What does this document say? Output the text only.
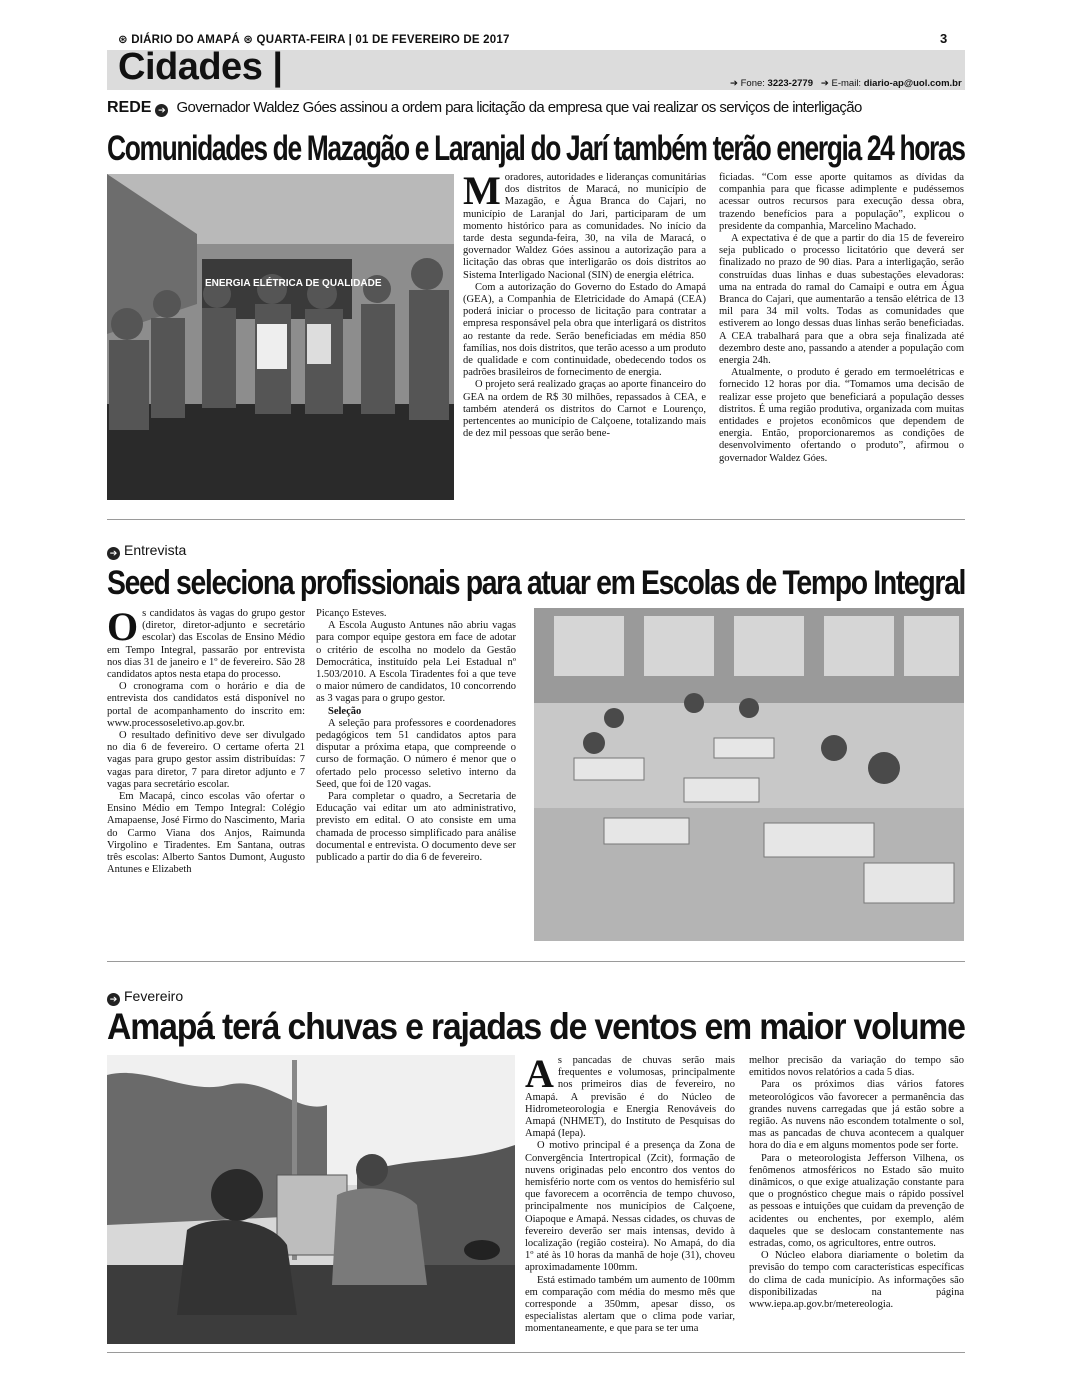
⊛ DIÁRIO DO AMAPÁ ⊛ QUARTA-FEIRA | 01 DE FEVEREIRO DE 2017	3
Cidades |	➔ Fone: 3223-2779 ➔ E-mail: diario-ap@uol.com.br
REDE ➔ Governador Waldez Góes assinou a ordem para licitação da empresa que vai realizar os serviços de interligação
Comunidades de Mazagão e Laranjal do Jarí também terão energia 24 horas
ENERGIA ELÉTRICA DE QUALIDADE
M oradores, autoridades e lideranças comunitárias dos distritos de Maracá, no município de Mazagão, e Água Branca do Cajari, no município de Laranjal do Jari, participaram de um momento histórico para as comunidades. No início da tarde desta segunda-feira, 30, na vila de Maracá, o governador Waldez Góes assinou a autorização para a licitação das obras que interligarão os dois distritos ao Sistema Interligado Nacional (SIN) de energia elétrica.

Com a autorização do Governo do Estado do Amapá (GEA), a Companhia de Eletricidade do Amapá (CEA) poderá iniciar o processo de licitação para contratar a empresa responsável pela obra que interligará os distritos ao restante da rede. Serão beneficiadas em média 850 famílias, nos dois distritos, que terão acesso a um produto de qualidade e com continuidade, obedecendo todos os padrões brasileiros de fornecimento de energia.

O projeto será realizado graças ao aporte financeiro do GEA na ordem de R$ 30 milhões, repassados à CEA, e também atenderá os distritos do Carnot e Lourenço, pertencentes ao município de Calçoene, totalizando mais de dez mil pessoas que serão bene-

ficiadas. “Com esse aporte quitamos as dívidas da companhia para que ficasse adimplente e pudéssemos acessar outros recursos para execução dessa obra, trazendo benefícios para a população”, explicou o presidente da companhia, Marcelino Machado.

A expectativa é de que a partir do dia 15 de fevereiro seja publicado o processo licitatório que deverá ser finalizado no prazo de 90 dias. Para a interligação, serão construídas duas linhas e duas subestações elevadoras: uma na entrada do ramal do Camaipi e outra em Água Branca do Cajari, que aumentarão a tensão elétrica de 13 mil para 34 mil volts. Todas as comunidades que estiverem ao longo dessas duas linhas serão beneficiadas. A CEA trabalhará para que a obra seja finalizada até dezembro deste ano, passando a atender a população com energia 24h.

Atualmente, o produto é gerado em termoelétricas e fornecido 12 horas por dia. “Tomamos uma decisão de realizar esse projeto que beneficiará a população desses distritos. É uma região produtiva, organizada com muitas entidades e projetos econômicos que dependem de energia. Então, proporcionaremos as condições de desenvolvimento ofertando o produto”, afirmou o governador Waldez Góes.

➔ Entrevista
Seed seleciona profissionais para atuar em Escolas de Tempo Integral
O s candidatos às vagas do grupo gestor (diretor, diretor-adjunto e secretário escolar) das Escolas de Ensino Médio em Tempo Integral, passarão por entrevista nos dias 31 de janeiro e 1º de fevereiro. São 28 candidatos aptos nesta etapa do processo.

O cronograma com o horário e dia de entrevista dos candidatos está disponível no portal de acompanhamento do inscrito em: www.processoseletivo.ap.gov.br.

O resultado definitivo deve ser divulgado no dia 6 de fevereiro. O certame oferta 21 vagas para grupo gestor assim distribuídas: 7 vagas para diretor, 7 para diretor adjunto e 7 vagas para secretário escolar.

Em Macapá, cinco escolas vão ofertar o Ensino Médio em Tempo Integral: Colégio Amapaense, José Firmo do Nascimento, Maria do Carmo Viana dos Anjos, Raimunda Virgolino e Tiradentes. Em Santana, outras três escolas: Alberto Santos Dumont, Augusto Antunes e Elizabeth

Picanço Esteves.

A Escola Augusto Antunes não abriu vagas para compor equipe gestora em face de adotar o critério de escolha no modelo da Gestão Democrática, instituído pela Lei Estadual nº 1.503/2010. A Escola Tiradentes foi a que teve o maior número de candidatos, 10 concorrendo as 3 vagas para o grupo gestor.

Seleção

A seleção para professores e coordenadores pedagógicos tem 51 candidatos aptos para disputar a próxima etapa, que compreende o curso de formação. O número é menor que o ofertado pelo processo seletivo interno da Seed, que foi de 120 vagas.

Para completar o quadro, a Secretaria de Educação vai editar um ato administrativo, previsto em edital. O ato consiste em uma chamada de processo simplificado para análise documental e entrevista. O documento deve ser publicado a partir do dia 6 de fevereiro.

➔ Fevereiro
Amapá terá chuvas e rajadas de ventos em maior volume
A s pancadas de chuvas serão mais frequentes e volumosas, principalmente nos primeiros dias de fevereiro, no Amapá. A previsão é do Núcleo de Hidrometeorologia e Energia Renováveis do Amapá (NHMET), do Instituto de Pesquisas do Amapá (Iepa).

O motivo principal é a presença da Zona de Convergência Intertropical (Zcit), formação de nuvens originadas pelo encontro dos ventos do hemisfério norte com os ventos do hemisfério sul que favorecem a ocorrência de tempo chuvoso, principalmente nos municípios de Calçoene, Oiapoque e Amapá. Nessas cidades, os chuvas de fevereiro deverão ser mais intensas, devido à localização (região costeira). No Amapá, do dia 1º até às 10 horas da manhã de hoje (31), choveu aproximadamente 100mm.

Está estimado também um aumento de 100mm em comparação com média do mesmo mês que corresponde a 350mm, apesar disso, os especialistas alertam que o clima pode variar, momentaneamente, e que para se ter uma

melhor precisão da variação do tempo são emitidos novos relatórios a cada 5 dias.

Para os próximos dias vários fatores meteorológicos vão favorecer a permanência das grandes nuvens carregadas que já estão sobre a região. As nuvens não escondem totalmente o sol, mas as pancadas de chuva acontecem a qualquer hora do dia e em alguns momentos pode ser forte.

Para o meteorologista Jefferson Vilhena, os fenômenos atmosféricos no Estado são muito dinâmicos, o que exige atualização constante para que o prognóstico chegue mais o rápido possível as pessoas e intuições que cuidam da prevenção de acidentes ou enchentes, por exemplo, além daqueles que se deslocam constantemente nas estradas, como, os agricultores, entre outros.

O Núcleo elabora diariamente o boletim da previsão do tempo com características específicas do clima de cada município. As informações são disponibilizadas na página www.iepa.ap.gov.br/metereologia.
